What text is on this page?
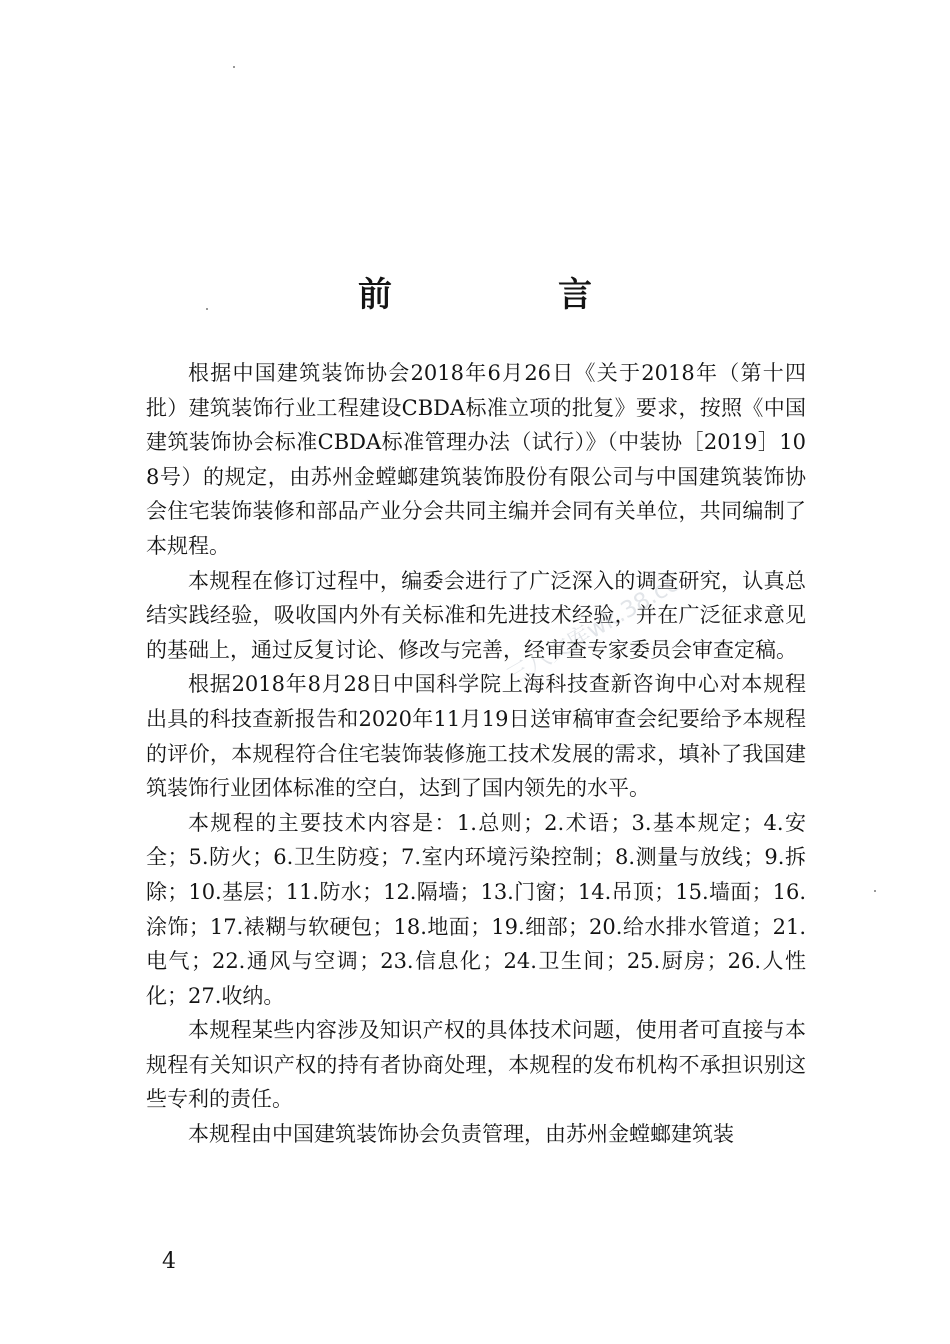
前　言

根据中国建筑装饰协会2018年6月26日《关于2018年（第十四批）建筑装饰行业工程建设CBDA标准立项的批复》要求，按照《中国建筑装饰协会标准CBDA标准管理办法（试行）》（中装协［2019］108号）的规定，由苏州金螳螂建筑装饰股份有限公司与中国建筑装饰协会住宅装饰装修和部品产业分会共同主编并会同有关单位，共同编制了本规程。

本规程在修订过程中，编委会进行了广泛深入的调查研究，认真总结实践经验，吸收国内外有关标准和先进技术经验，并在广泛征求意见的基础上，通过反复讨论、修改与完善，经审查专家委员会审查定稿。

根据2018年8月28日中国科学院上海科技查新咨询中心对本规程出具的科技查新报告和2020年11月19日送审稿审查会纪要给予本规程的评价，本规程符合住宅装饰装修施工技术发展的需求，填补了我国建筑装饰行业团体标准的空白，达到了国内领先的水平。

本规程的主要技术内容是：1.总则；2.术语；3.基本规定；4.安全；5.防火；6.卫生防疫；7.室内环境污染控制；8.测量与放线；9.拆除；10.基层；11.防水；12.隔墙；13.门窗；14.吊顶；15.墙面；16.涂饰；17.裱糊与软硬包；18.地面；19.细部；20.给水排水管道；21.电气；22.通风与空调；23.信息化；24.卫生间；25.厨房；26.人性化；27.收纳。

本规程某些内容涉及知识产权的具体技术问题，使用者可直接与本规程有关知识产权的持有者协商处理，本规程的发布机构不承担识别这些专利的责任。

本规程由中国建筑装饰协会负责管理，由苏州金螳螂建筑装

三八文库wk.38.cc
4
